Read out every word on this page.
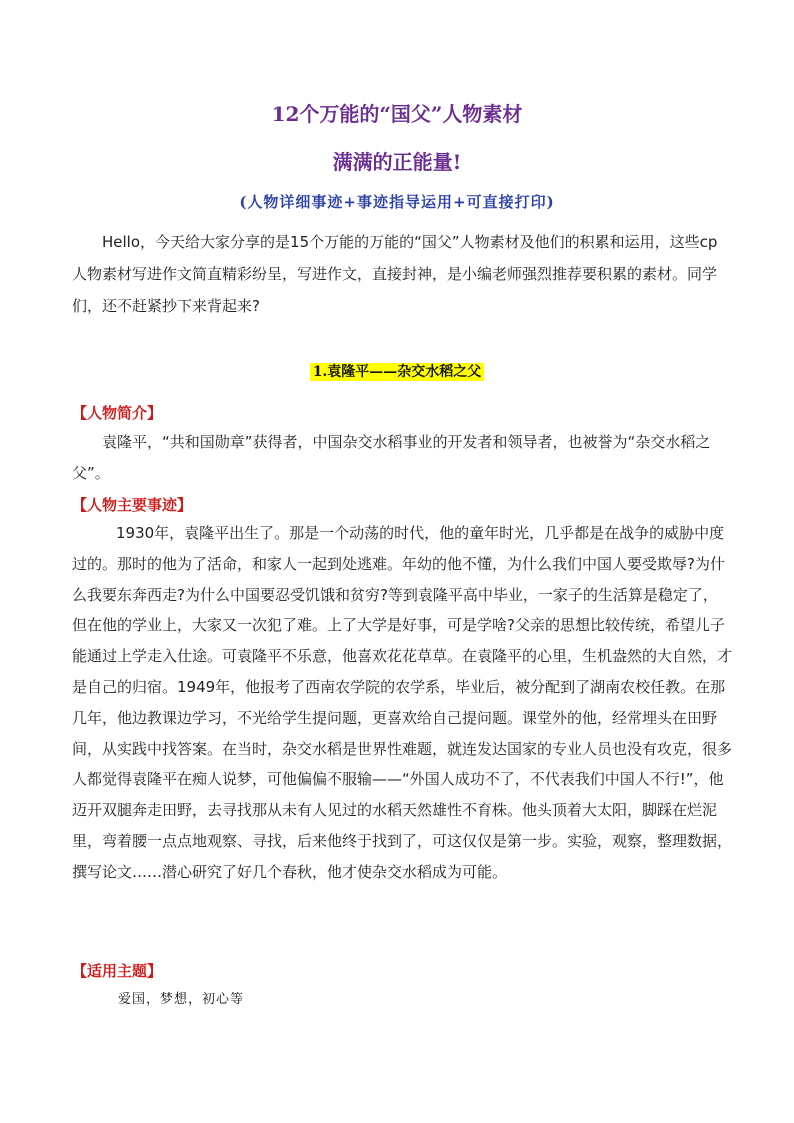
12个万能的“国父”人物素材
满满的正能量!
(人物详细事迹+事迹指导运用+可直接打印)
Hello，今天给大家分享的是15个万能的万能的“国父”人物素材及他们的积累和运用，这些cp人物素材写进作文简直精彩纷呈，写进作文，直接封神，是小编老师强烈推荐要积累的素材。同学们，还不赶紧抄下来背起来?
1.袁隆平——杂交水稻之父
【人物简介】
袁隆平，“共和国勋章”获得者，中国杂交水稻事业的开发者和领导者，也被誉为“杂交水稻之父”。
【人物主要事迹】
1930年，袁隆平出生了。那是一个动荡的时代，他的童年时光，几乎都是在战争的威胁中度过的。那时的他为了活命，和家人一起到处逃难。年幼的他不懂，为什么我们中国人要受欺辱?为什么我要东奔西走?为什么中国要忍受饥饿和贫穷?等到袁隆平高中毕业，一家子的生活算是稳定了，但在他的学业上，大家又一次犯了难。上了大学是好事，可是学啥?父亲的思想比较传统，希望儿子能通过上学走入仕途。可袁隆平不乐意，他喜欢花花草草。在袁隆平的心里，生机盎然的大自然，才是自己的归宿。1949年，他报考了西南农学院的农学系，毕业后，被分配到了湖南农校任教。在那几年，他边教课边学习，不光给学生提问题，更喜欢给自己提问题。课堂外的他，经常埋头在田野间，从实践中找答案。在当时，杂交水稻是世界性难题，就连发达国家的专业人员也没有攻克，很多人都觉得袁隆平在痴人说梦，可他偏偏不服输——“外国人成功不了，不代表我们中国人不行!”，他迈开双腿奔走田野，去寻找那从未有人见过的水稻天然雄性不育株。他头顶着大太阳，脚踩在烂泥里，弯着腰一点点地观察、寻找，后来他终于找到了，可这仅仅是第一步。实验，观察，整理数据，撰写论文……潜心研究了好几个春秋，他才使杂交水稻成为可能。
【适用主题】
爱国，梦想，初心等
